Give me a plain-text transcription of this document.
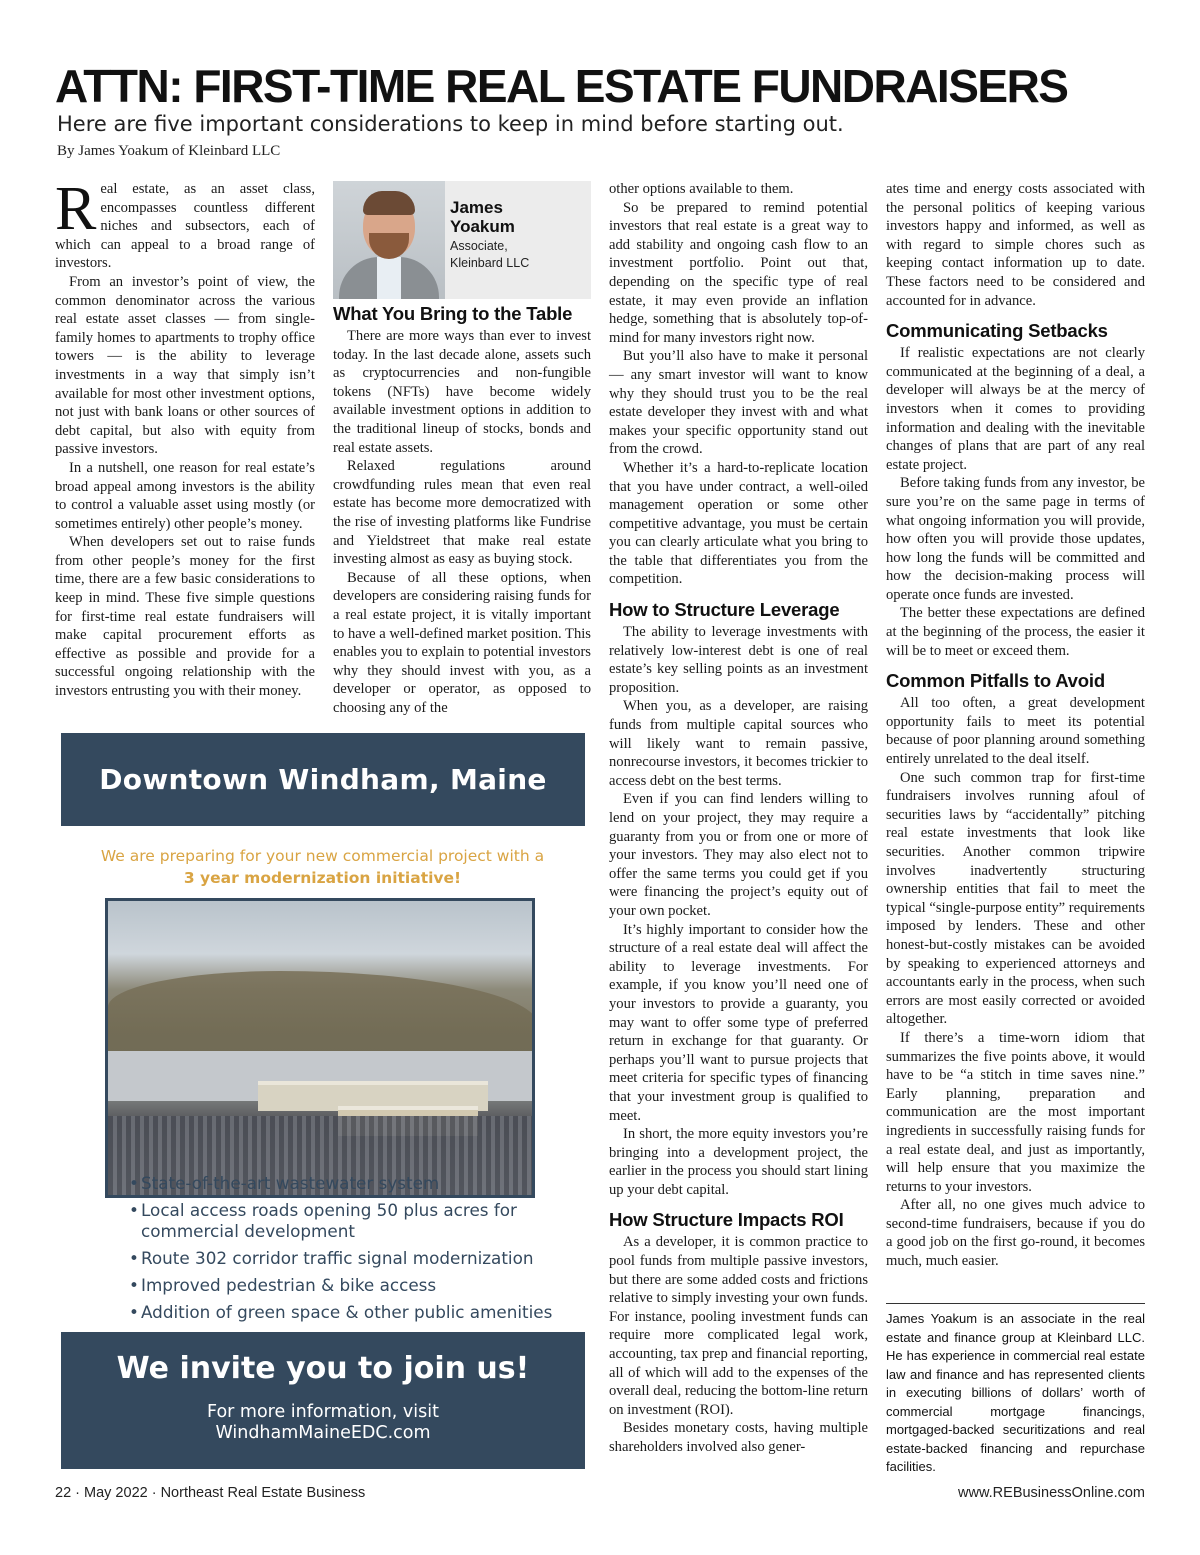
ATTN: FIRST-TIME REAL ESTATE FUNDRAISERS
Here are five important considerations to keep in mind before starting out.
By James Yoakum of Kleinbard LLC

Real estate, as an asset class, encompasses countless different niches and subsectors, each of which can appeal to a broad range of investors.

From an investor’s point of view, the common denominator across the various real estate asset classes — from single-family homes to apartments to trophy office towers — is the ability to leverage investments in a way that simply isn’t available for most other investment options, not just with bank loans or other sources of debt capital, but also with equity from passive investors.

In a nutshell, one reason for real estate’s broad appeal among investors is the ability to control a valuable asset using mostly (or sometimes entirely) other people’s money.

When developers set out to raise funds from other people’s money for the first time, there are a few basic considerations to keep in mind. These five simple questions for first-time real estate fundraisers will make capital procurement efforts as effective as possible and provide for a successful ongoing relationship with the investors entrusting you with their money.

James
Yoakum
Associate,
Kleinbard LLC
What You Bring to the Table

There are more ways than ever to invest today. In the last decade alone, assets such as cryptocurrencies and non-fungible tokens (NFTs) have become widely available investment options in addition to the traditional lineup of stocks, bonds and real estate assets.

Relaxed regulations around crowdfunding rules mean that even real estate has become more democratized with the rise of investing platforms like Fundrise and Yieldstreet that make real estate investing almost as easy as buying stock.

Because of all these options, when developers are considering raising funds for a real estate project, it is vitally important to have a well-defined market position. This enables you to explain to potential investors why they should invest with you, as a developer or operator, as opposed to choosing any of the

other options available to them.

So be prepared to remind potential investors that real estate is a great way to add stability and ongoing cash flow to an investment portfolio. Point out that, depending on the specific type of real estate, it may even provide an inflation hedge, something that is absolutely top-of-mind for many investors right now.

But you’ll also have to make it personal — any smart investor will want to know why they should trust you to be the real estate developer they invest with and what makes your specific opportunity stand out from the crowd.

Whether it’s a hard-to-replicate location that you have under contract, a well-oiled management operation or some other competitive advantage, you must be certain you can clearly articulate what you bring to the table that differentiates you from the competition.

How to Structure Leverage

The ability to leverage investments with relatively low-interest debt is one of real estate’s key selling points as an investment proposition.

When you, as a developer, are raising funds from multiple capital sources who will likely want to remain passive, nonrecourse investors, it becomes trickier to access debt on the best terms.

Even if you can find lenders willing to lend on your project, they may require a guaranty from you or from one or more of your investors. They may also elect not to offer the same terms you could get if you were financing the project’s equity out of your own pocket.

It’s highly important to consider how the structure of a real estate deal will affect the ability to leverage investments. For example, if you know you’ll need one of your investors to provide a guaranty, you may want to offer some type of preferred return in exchange for that guaranty. Or perhaps you’ll want to pursue projects that meet criteria for specific types of financing that your investment group is qualified to meet.

In short, the more equity investors you’re bringing into a development project, the earlier in the process you should start lining up your debt capital.

How Structure Impacts ROI

As a developer, it is common practice to pool funds from multiple passive investors, but there are some added costs and frictions relative to simply investing your own funds. For instance, pooling investment funds can require more complicated legal work, accounting, tax prep and financial reporting, all of which will add to the expenses of the overall deal, reducing the bottom-line return on investment (ROI).

Besides monetary costs, having multiple shareholders involved also gener-

ates time and energy costs associated with the personal politics of keeping various investors happy and informed, as well as with regard to simple chores such as keeping contact information up to date. These factors need to be considered and accounted for in advance.

Communicating Setbacks

If realistic expectations are not clearly communicated at the beginning of a deal, a developer will always be at the mercy of investors when it comes to providing information and dealing with the inevitable changes of plans that are part of any real estate project.

Before taking funds from any investor, be sure you’re on the same page in terms of what ongoing information you will provide, how often you will provide those updates, how long the funds will be committed and how the decision-making process will operate once funds are invested.

The better these expectations are defined at the beginning of the process, the easier it will be to meet or exceed them.

Common Pitfalls to Avoid

All too often, a great development opportunity fails to meet its potential because of poor planning around something entirely unrelated to the deal itself.

One such common trap for first-time fundraisers involves running afoul of securities laws by “accidentally” pitching real estate investments that look like securities. Another common tripwire involves inadvertently structuring ownership entities that fail to meet the typical “single-purpose entity” requirements imposed by lenders. These and other honest-but-costly mistakes can be avoided by speaking to experienced attorneys and accountants early in the process, when such errors are most easily corrected or avoided altogether.

If there’s a time-worn idiom that summarizes the five points above, it would have to be “a stitch in time saves nine.” Early planning, preparation and communication are the most important ingredients in successfully raising funds for a real estate deal, and just as importantly, will help ensure that you maximize the returns to your investors.

After all, no one gives much advice to second-time fundraisers, because if you do a good job on the first go-round, it becomes much, much easier.

James Yoakum is an associate in the real estate and finance group at Kleinbard LLC. He has experience in commercial real estate law and finance and has represented clients in executing billions of dollars’ worth of commercial mortgage financings, mortgaged-backed securitizations and real estate-backed financing and repurchase facilities.
Downtown Windham, Maine
We are preparing for your new commercial project with a
3 year modernization initiative!
• State-of-the-art wastewater system
• Local access roads opening 50 plus acres for commercial development
• Route 302 corridor traffic signal modernization
• Improved pedestrian & bike access
• Addition of green space & other public amenities
We invite you to join us!
For more information, visit
WindhamMaineEDC.com
22 · May 2022 · Northeast Real Estate Business	www.REBusinessOnline.com
